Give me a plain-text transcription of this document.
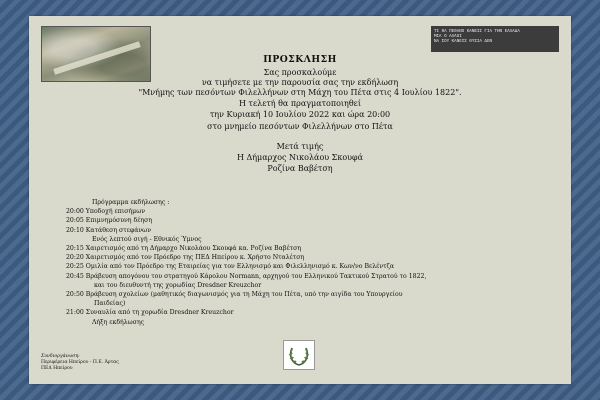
ΤΙ ΘΑ ΠΕΘΑΝΟ ΚΑΝΕΙΣ ΓΙΑ ΤΗΝ ΕΛΛΑΔΑ
ΜΙΑ Ο ΑΛΛΟΙ
ΝΑ ΣΟΥ ΚΑΝΕΙΣ ΘΥΣΙΑ ΔΕΝ
ΠΡΟΣΚΛΗΣΗ
Σας προσκαλούμε
να τιμήσετε με την παρουσία σας την εκδήλωση
"Μνήμης των πεσόντων Φιλελλήνων στη Μάχη του Πέτα στις 4 Ιουλίου 1822".
Η τελετή θα πραγματοποιηθεί
την Κυριακή 10 Ιουλίου 2022 και ώρα 20:00
στο μνημείο πεσόντων Φιλελλήνων στο Πέτα
Μετά τιμής
Η Δήμαρχος Νικολάου Σκουφά
Ροζίνα Βαβέτση
Πρόγραμμα εκδήλωσης :
20:00 Υποδοχή επισήμων
20:05 Επιμνημόσυνη δέηση
20:10 Κατάθεση στεφάνων
Ενός λεπτού σιγή - Εθνικός Ύμνος
20:15 Χαιρετισμός από τη Δήμαρχο Νικολάου Σκουφά κα. Ροζίνα Βαβέτση
20:20 Χαιρετισμός από τον Πρόεδρο της ΠΕΔ Ηπείρου κ. Χρήστο Νταλέτση
20:25 Ομιλία από τον Πρόεδρο της Εταιρείας για τον Ελληνισμό και Φιλελληνισμό κ. Κων/νο Βελέντζα
20:45 Βράβευση απογόνου του στρατηγού Κάρολου Normann, αρχηγού του Ελληνικού Τακτικού Στρατού το 1822,
και του διευθυντή της χορωδίας Dresdner Kreuzchor
20:50 Βράβευση σχολείων (μαθητικός διαγωνισμός για τη Μάχη του Πέτα, υπό την αιγίδα του Υπουργείου
Παιδείας)
21:00 Συναυλία από τη χορωδία Dresdner Kreuzchor
Λήξη εκδήλωσης
Συνδιοργάνωση:
Περιφέρεια Ηπείρου - Π.Ε. Άρτας
ΠΕΔ Ηπείρου
